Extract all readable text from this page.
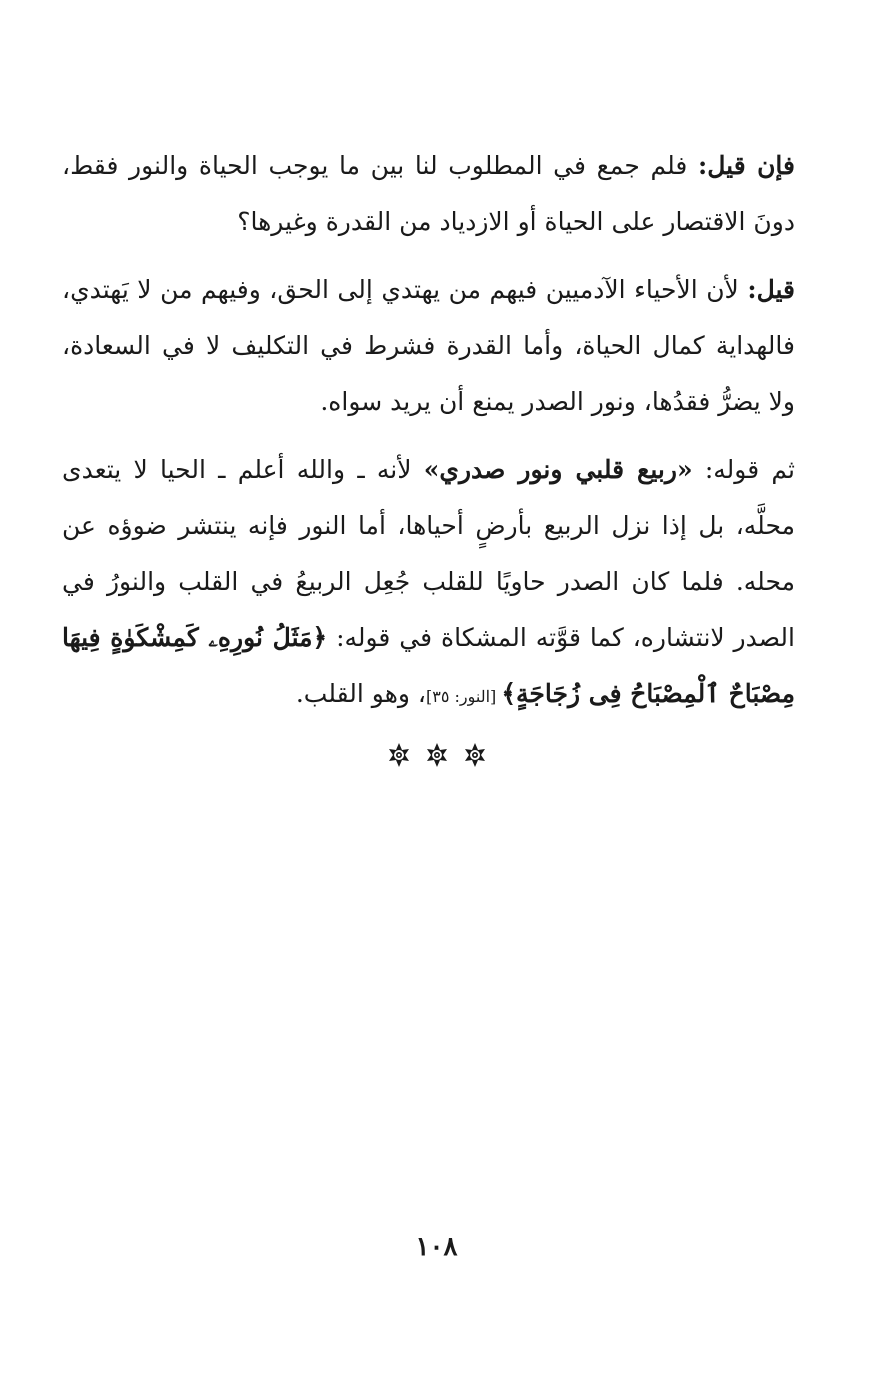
فإن قيل: فلم جمع في المطلوب لنا بين ما يوجب الحياة والنور فقط، دونَ الاقتصار على الحياة أو الازدياد من القدرة وغيرها؟

قيل: لأن الأحياء الآدميين فيهم من يهتدي إلى الحق، وفيهم من لا يَهتدي، فالهداية كمال الحياة، وأما القدرة فشرط في التكليف لا في السعادة، ولا يضرُّ فقدُها، ونور الصدر يمنع أن يريد سواه.

ثم قوله: «ربيع قلبي ونور صدري» لأنه ـ والله أعلم ـ الحيا لا يتعدى محلَّه، بل إذا نزل الربيع بأرضٍ أحياها، أما النور فإنه ينتشر ضوؤه عن محله. فلما كان الصدر حاويًا للقلب جُعِل الربيعُ في القلب والنورُ في الصدر لانتشاره، كما قوَّته المشكاة في قوله: ﴿مَثَلُ نُورِهِۦ كَمِشْكَوٰةٍ فِيهَا مِصْبَاحٌ ٱلْمِصْبَاحُ فِى زُجَاجَةٍ﴾ [النور: ٣٥]، وهو القلب.

١٠٨
